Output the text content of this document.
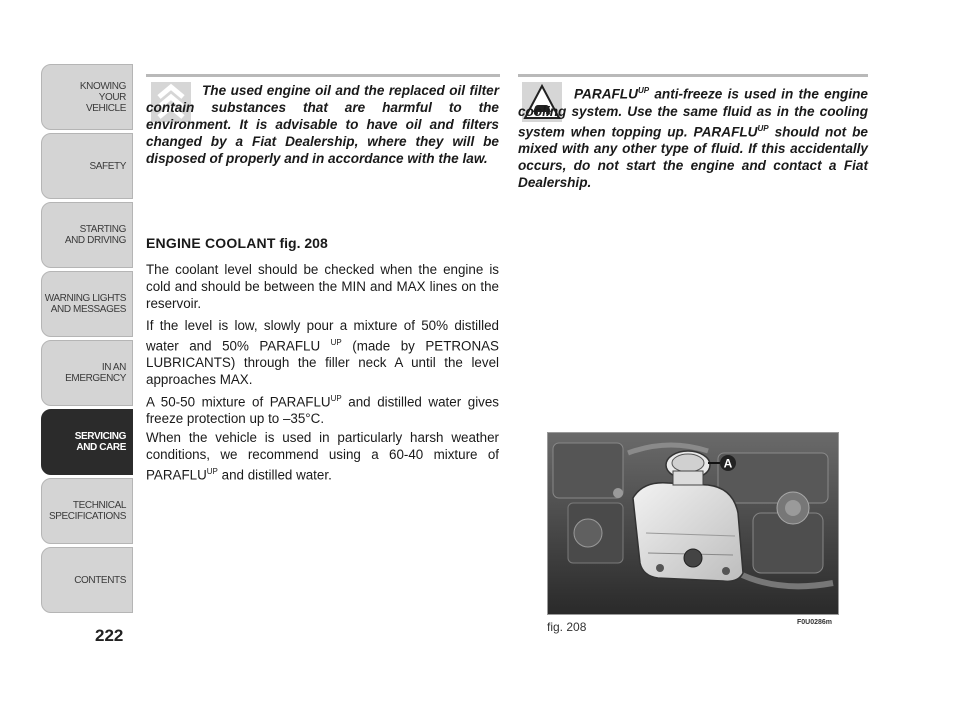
KNOWING
YOUR
VEHICLE
SAFETY
STARTING
AND DRIVING
WARNING LIGHTS
AND MESSAGES
IN AN
EMERGENCY
SERVICING
AND CARE
TECHNICAL
SPECIFICATIONS
CONTENTS
222

The used engine oil and the replaced oil filter contain substances that are harmful to the environment. It is advisable to have oil and filters changed by a Fiat Dealership, where they will be disposed of properly and in accordance with the law.

$PARAFLU^{UP}$ anti-freeze is used in the engine cooling system. Use the same fluid as in the cooling system when topping up. $PARAFLU^{UP}$ should not be mixed with any other type of fluid. If this accidentally occurs, do not start the engine and contact a Fiat Dealership.

ENGINE COOLANT fig. 208

The coolant level should be checked when the engine is cold and should be between the MIN and MAX lines on the reservoir.

If the level is low, slowly pour a mixture of 50% distilled water and 50% PARAFLU $^{UP}$ (made by PETRONAS LUBRICANTS) through the filler neck A until the level approaches MAX.

A 50-50 mixture of $PARAFLU^{UP}$ and distilled water gives freeze protection up to –35°C.

When the vehicle is used in particularly harsh weather conditions, we recommend using a 60-40 mixture of $PARAFLU^{UP}$ and distilled water.

A
fig. 208	F0U0286m
